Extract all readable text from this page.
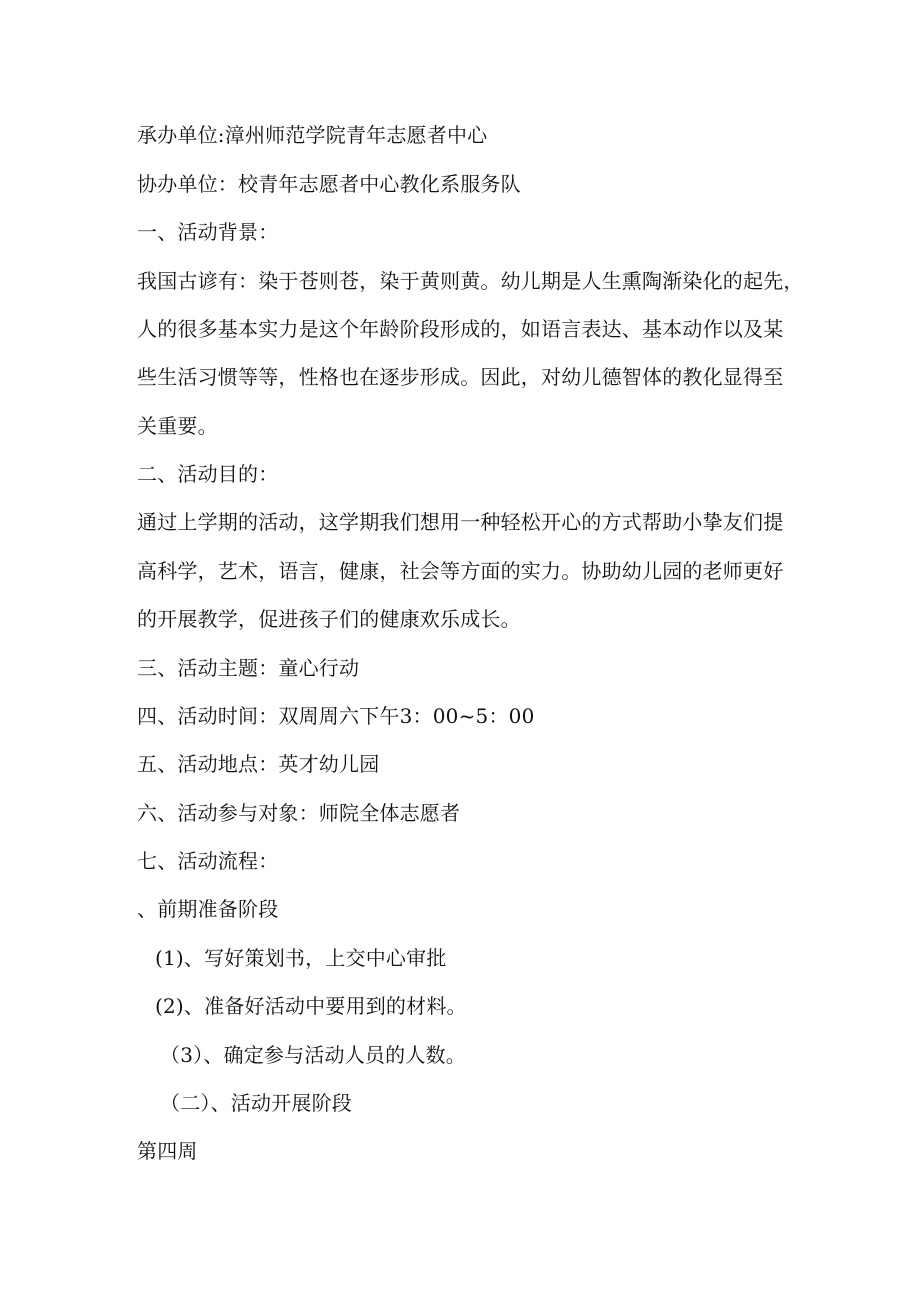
承办单位:漳州师范学院青年志愿者中心
协办单位：校青年志愿者中心教化系服务队
一、活动背景：
我国古谚有：染于苍则苍，染于黄则黄。幼儿期是人生熏陶渐染化的起先，
人的很多基本实力是这个年龄阶段形成的，如语言表达、基本动作以及某
些生活习惯等等，性格也在逐步形成。因此，对幼儿德智体的教化显得至
关重要。
二、活动目的：
通过上学期的活动，这学期我们想用一种轻松开心的方式帮助小挚友们提
高科学，艺术，语言，健康，社会等方面的实力。协助幼儿园的老师更好
的开展教学，促进孩子们的健康欢乐成长。
三、活动主题：童心行动
四、活动时间：双周周六下午3：00~5：00
五、活动地点：英才幼儿园
六、活动参与对象：师院全体志愿者
七、活动流程：
、前期准备阶段
(1)、写好策划书，上交中心审批
(2)、准备好活动中要用到的材料。
（3）、确定参与活动人员的人数。
（二）、活动开展阶段
第四周
